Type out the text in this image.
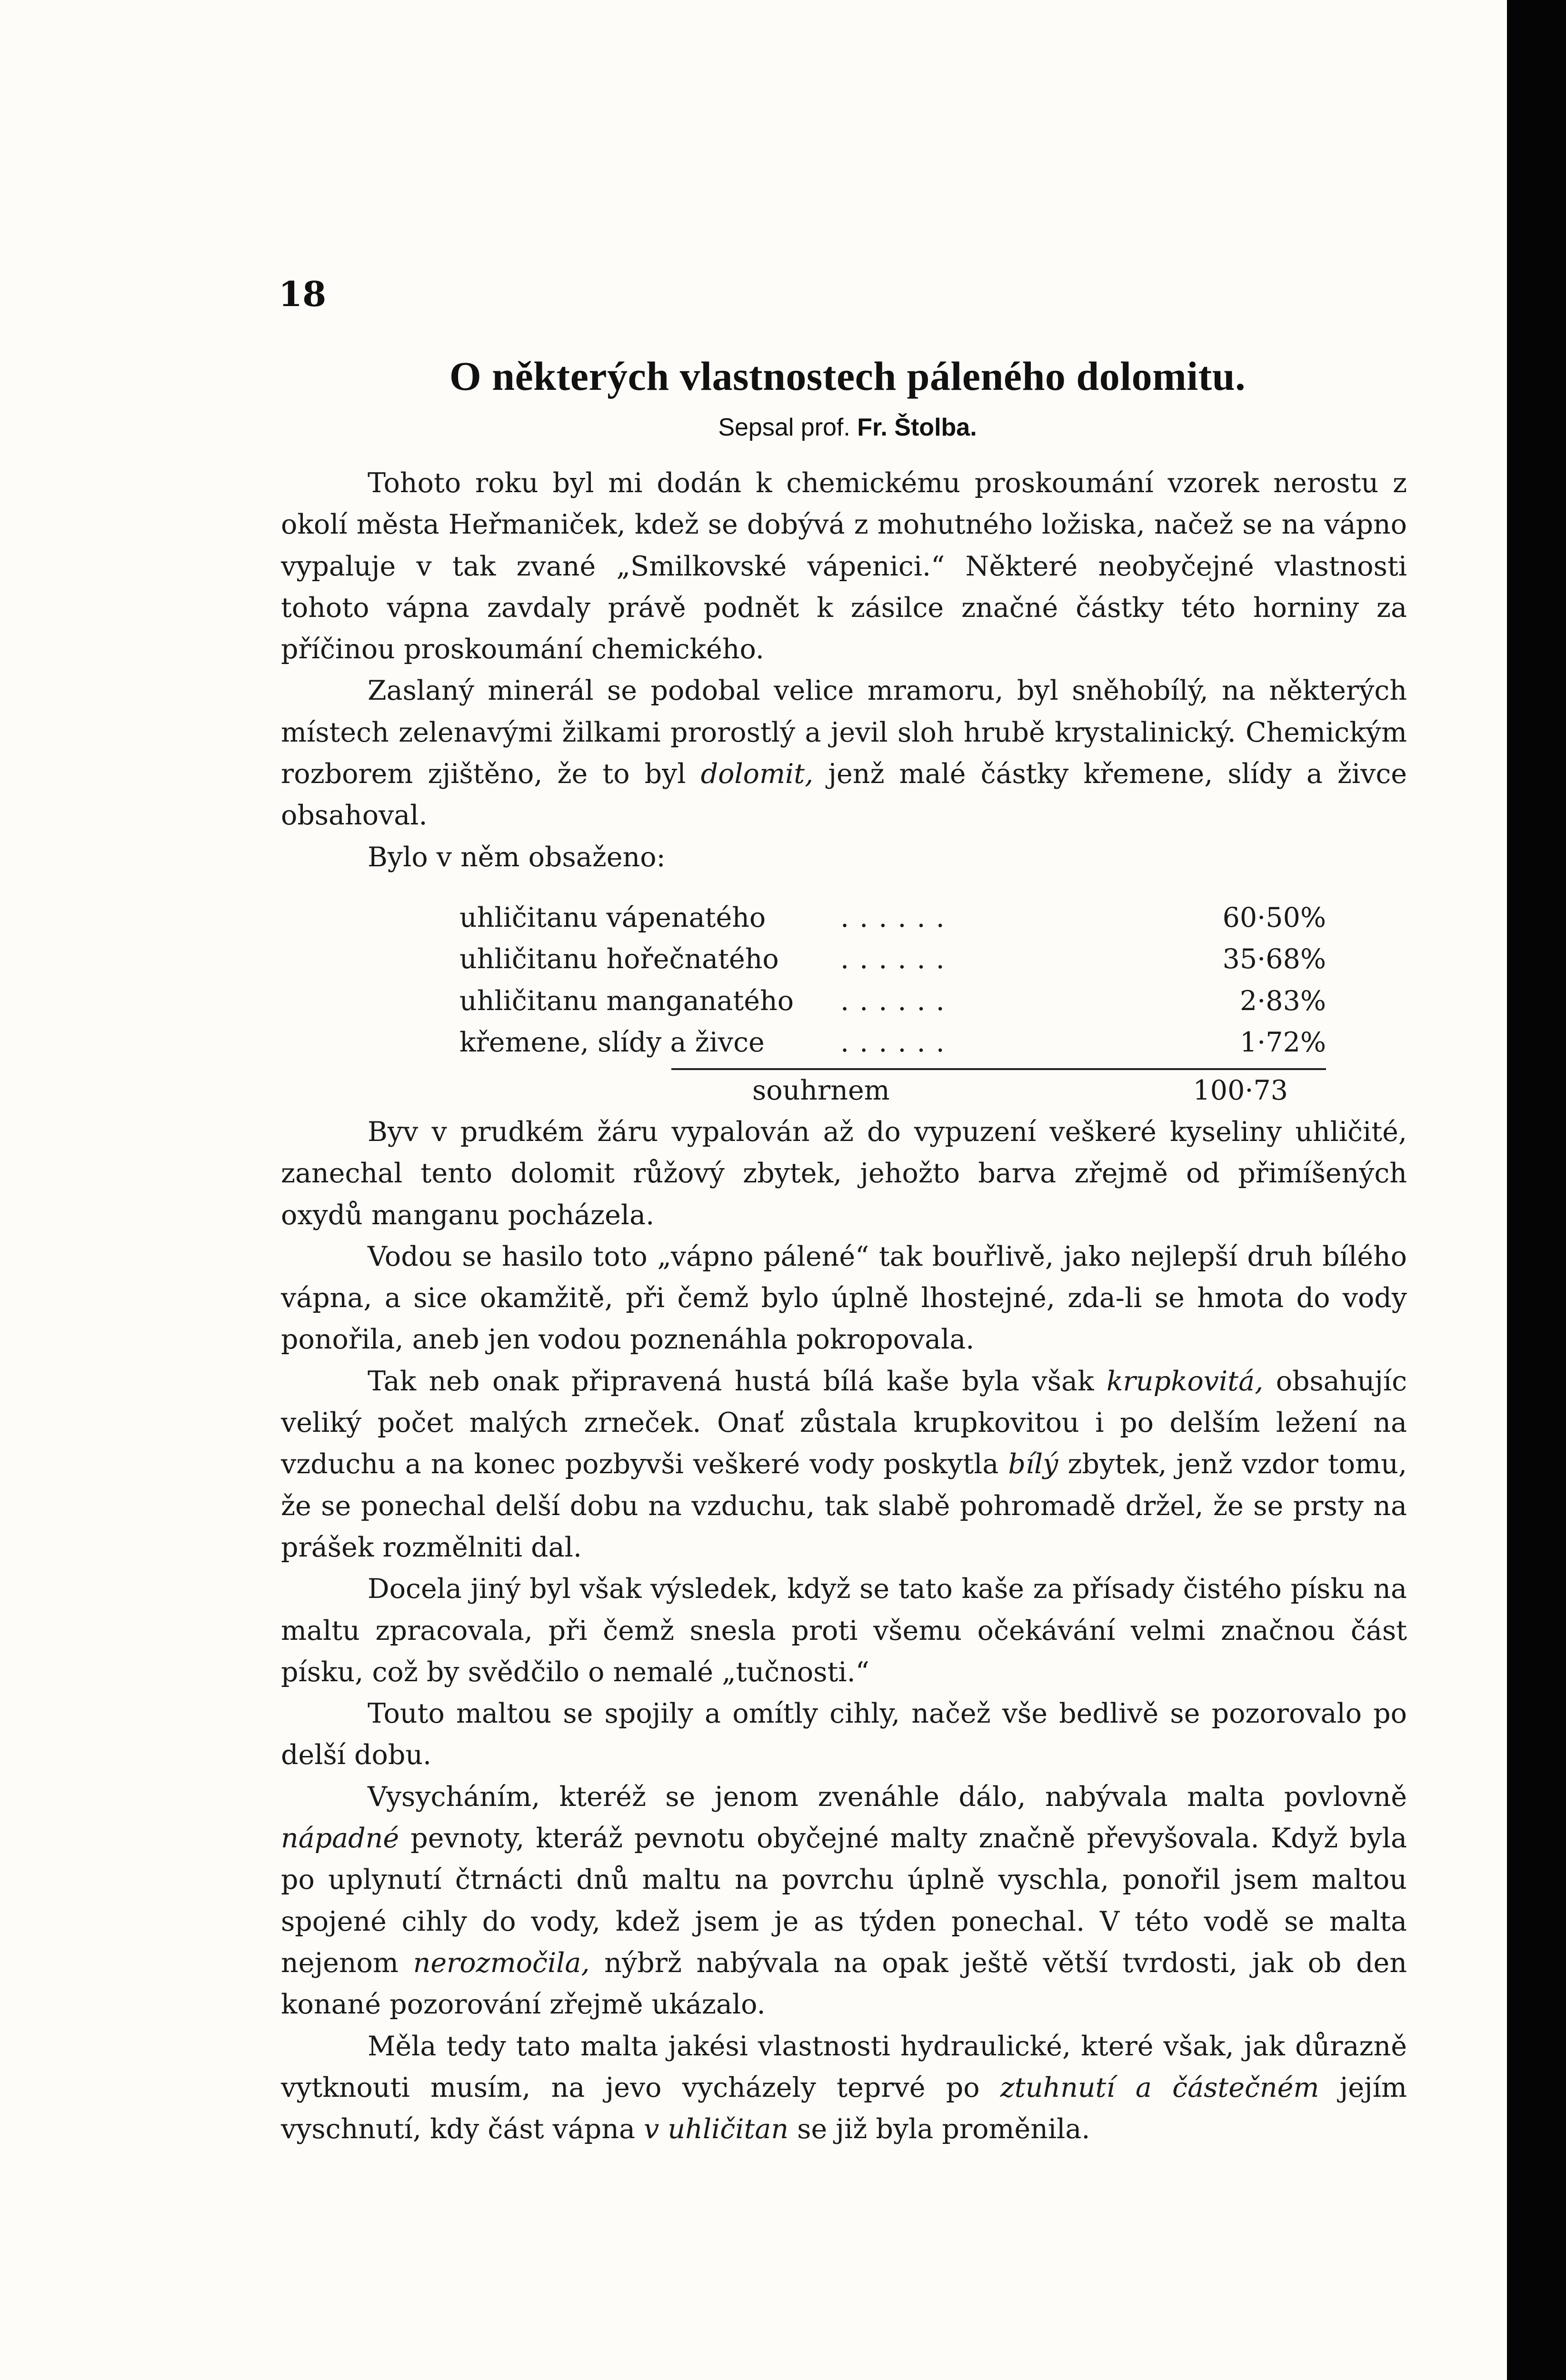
18
O některých vlastnostech páleného dolomitu.
Sepsal prof. Fr. Štolba.

Tohoto roku byl mi dodán k chemickému proskoumání vzorek nerostu z okolí města Heřmaniček, kdež se dobývá z mohutného ložiska, načež se na vápno vypaluje v tak zvané „Smilkovské vápenici.“ Některé neobyčejné vlastnosti tohoto vápna zavdaly právě podnět k zásilce značné částky této horniny za příčinou proskoumání chemického.

Zaslaný minerál se podobal velice mramoru, byl sněhobílý, na některých místech zelenavými žilkami prorostlý a jevil sloh hrubě krystalinický. Chemickým rozborem zjištěno, že to byl dolomit, jenž malé částky křemene, slídy a živce obsahoval.

Bylo v něm obsaženo:

uhličitanu vápenatého	......	60·50%
uhličitanu hořečnatého ......	35·68%
uhličitanu manganatého ......	2·83%
křemene, slídy a živce	......	1·72%
souhrnem	100·73

Byv v prudkém žáru vypalován až do vypuzení veškeré kyseliny uhličité, zanechal tento dolomit růžový zbytek, jehožto barva zřejmě od přimíšených oxydů manganu pocházela.

Vodou se hasilo toto „vápno pálené“ tak bouřlivě, jako nejlepší druh bílého vápna, a sice okamžitě, při čemž bylo úplně lhostejné, zda-li se hmota do vody ponořila, aneb jen vodou poznenáhla pokropovala.

Tak neb onak připravená hustá bílá kaše byla však krupkovitá, obsahujíc veliký počet malých zrneček. Onať zůstala krupkovitou i po delším ležení na vzduchu a na konec pozbyvši veškeré vody poskytla bílý zbytek, jenž vzdor tomu, že se ponechal delší dobu na vzduchu, tak slabě pohromadě držel, že se prsty na prášek rozmělniti dal.

Docela jiný byl však výsledek, když se tato kaše za přísady čistého písku na maltu zpracovala, při čemž snesla proti všemu očekávání velmi značnou část písku, což by svědčilo o nemalé „tučnosti.“

Touto maltou se spojily a omítly cihly, načež vše bedlivě se pozorovalo po delší dobu.

Vysycháním, kteréž se jenom zvenáhle dálo, nabývala malta povlovně nápadné pevnoty, kteráž pevnotu obyčejné malty značně převyšovala. Když byla po uplynutí čtrnácti dnů maltu na povrchu úplně vyschla, ponořil jsem maltou spojené cihly do vody, kdež jsem je as týden ponechal. V této vodě se malta nejenom nerozmočila, nýbrž nabývala na opak ještě větší tvrdosti, jak ob den konané pozorování zřejmě ukázalo.

Měla tedy tato malta jakési vlastnosti hydraulické, které však, jak důrazně vytknouti musím, na jevo vycházely teprvé po ztuhnutí a částečném jejím vyschnutí, kdy část vápna v uhličitan se již byla proměnila.
